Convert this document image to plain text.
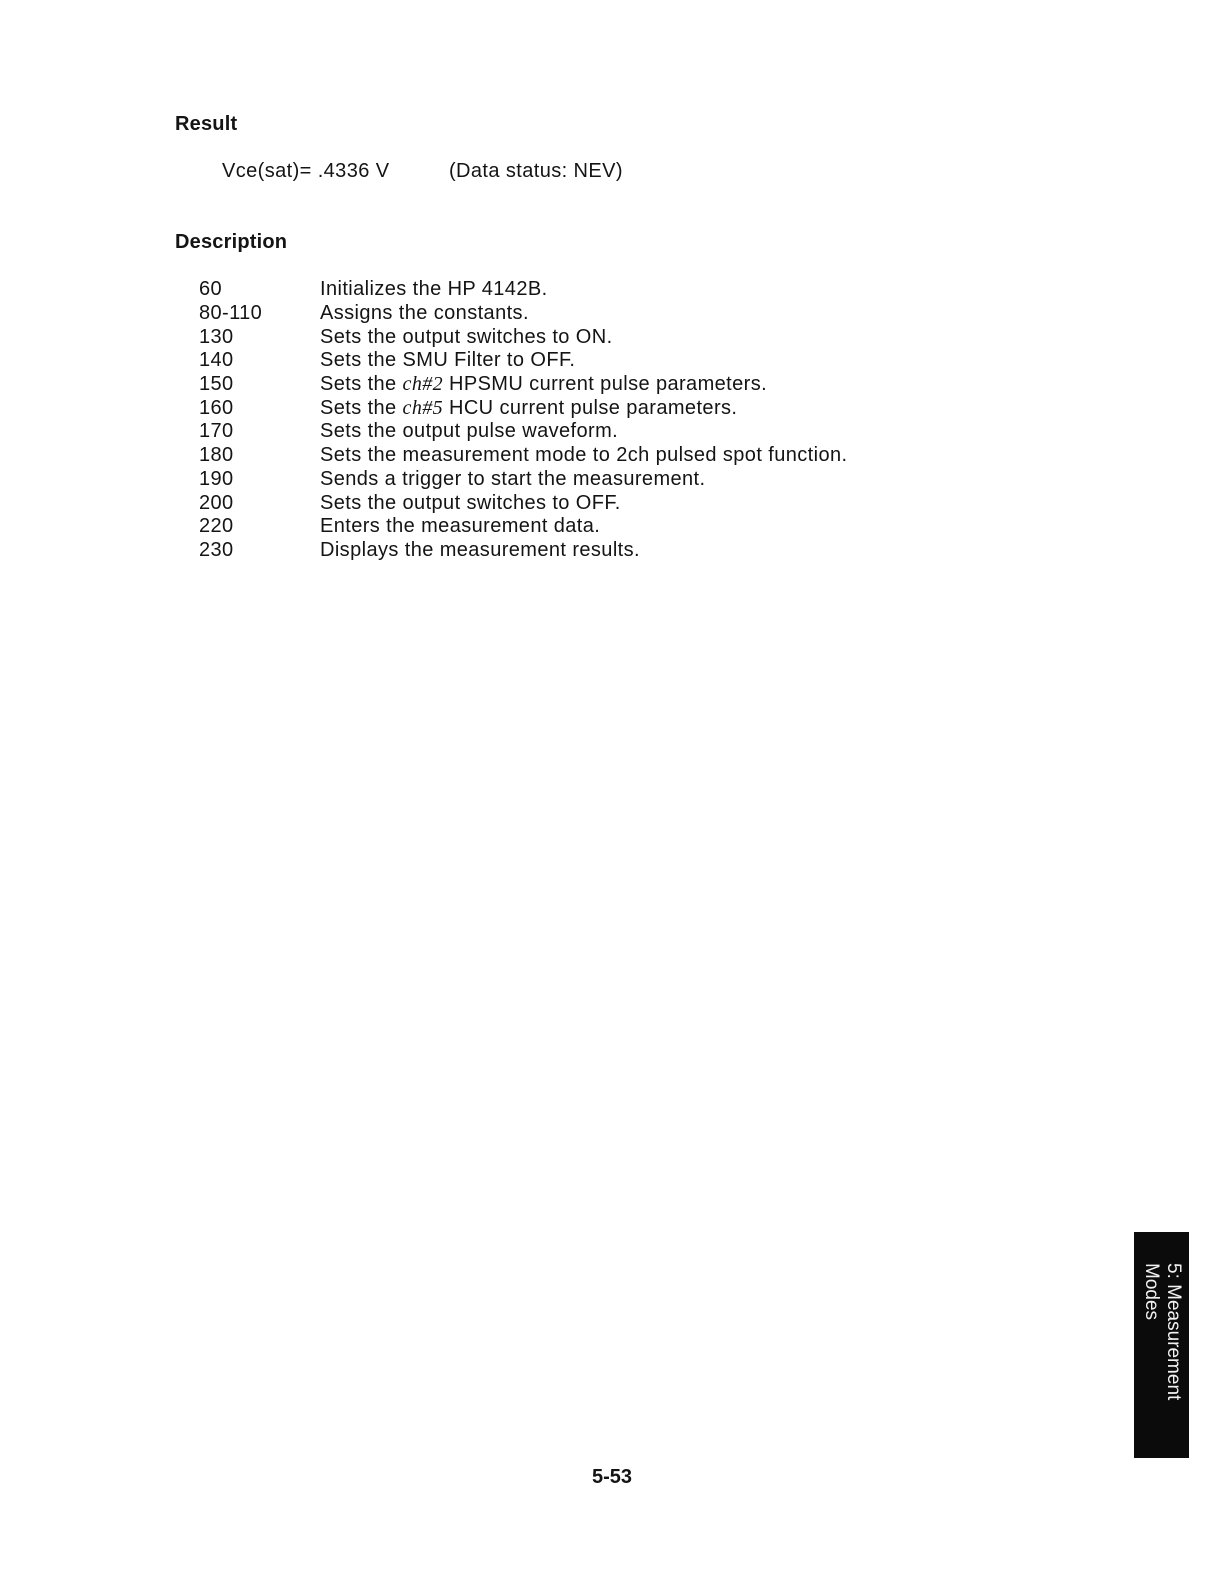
Result
Vce(sat)= .4336 V	(Data status: NEV)
Description
60	Initializes the HP 4142B.
80-110	Assigns the constants.
130	Sets the output switches to ON.
140	Sets the SMU Filter to OFF.
150	Sets the ch#2 HPSMU current pulse parameters.
160	Sets the ch#5 HCU current pulse parameters.
170	Sets the output pulse waveform.
180	Sets the measurement mode to 2ch pulsed spot function.
190	Sends a trigger to start the measurement.
200	Sets the output switches to OFF.
220	Enters the measurement data.
230	Displays the measurement results.
5: Measurement
Modes
5-53
